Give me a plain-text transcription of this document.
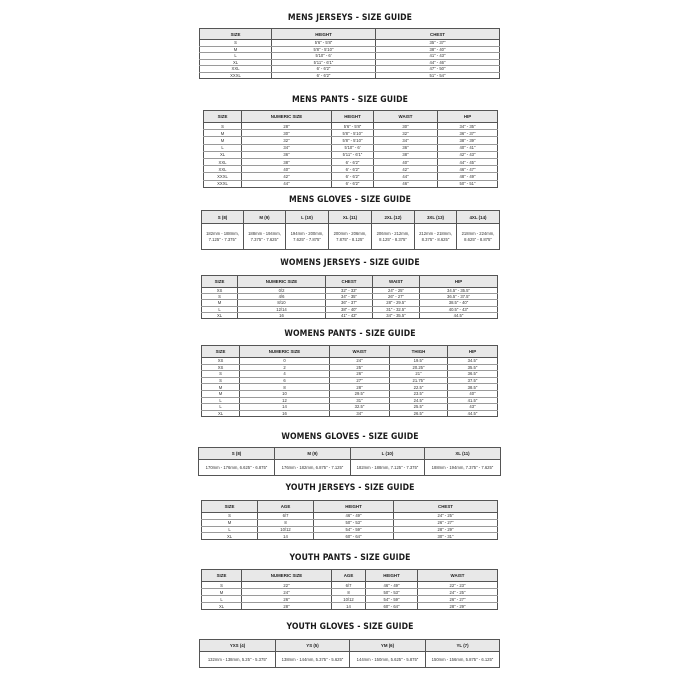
MENS JERSEYS - SIZE GUIDE
SIZE	HEIGHT	CHEST
S	5'6" - 5'8"	35" - 37"
M	5'8" - 5'10"	38" - 40"
L	5'10" - 6'	41" - 43"
XL	5'11" - 6'1"	44" - 46"
XXL	6' - 6'2"	47" - 50"
XXXL	6' - 6'2"	51" - 54"
MENS PANTS - SIZE GUIDE
SIZE	NUMERIC SIZE	HEIGHT	WAIST	HIP
S	28"	5'6" - 5'8"	30"	34" - 35"
M	30"	5'8" - 5'10"	32"	36" - 37"
M	32"	5'8" - 5'10"	34"	38" - 39"
L	34"	5'10" - 6'	36"	40" - 41"
XL	36"	5'11" - 6'1"	38"	42" - 43"
XXL	38"	6' - 6'2"	40"	44" - 45"
XXL	40"	6' - 6'2"	42"	46" - 47"
XXXL	42"	6' - 6'2"	44"	48" - 49"
XXXL	44"	6' - 6'2"	46"	50" - 51"
MENS GLOVES - SIZE GUIDE
S (8)	M (9)	L (10)	XL (11)	2XL (12)	3XL (13)	4XL (14)
182mm - 188mm, 7.125" - 7.375"	188mm - 194mm, 7.375" - 7.625"	194mm - 200mm, 7.625" - 7.875"	200mm - 206mm, 7.875" - 8.125"	206mm - 212mm, 8.125" - 8.375"	212mm - 218mm, 8.375" - 8.625"	218mm - 224mm, 8.625" - 8.875"
WOMENS JERSEYS - SIZE GUIDE
SIZE	NUMERIC SIZE	CHEST	WAIST	HIP
XS	0/2	32" - 33"	24" - 25"	34.5" - 35.5"
S	4/6	34" - 35"	26" - 27"	36.5" - 37.5"
M	8/10	36" - 37"	28" - 29.5"	38.5" - 40"
L	12/14	38" - 40"	31" - 32.5"	40.5" - 43"
XL	16	41" - 43"	34" - 35.5"	44.5"
WOMENS PANTS - SIZE GUIDE
SIZE	NUMERIC SIZE	WAIST	THIGH	HIP
XS	0	24"	19.5"	34.5"
XS	2	25"	20.25"	35.5"
S	4	26"	21"	36.5"
S	6	27"	21.75"	37.5"
M	8	28"	22.5"	38.5"
M	10	29.5"	23.5"	40"
L	12	31"	24.5"	41.5"
L	14	32.5"	25.5"	43"
XL	16	34"	26.5"	44.5"
WOMENS GLOVES - SIZE GUIDE
S (8)	M (9)	L (10)	XL (11)
170mm - 176mm, 6.625" - 6.875"	176mm - 182mm, 6.875" - 7.125"	182mm - 188mm, 7.125" - 7.375"	188mm - 194mm, 7.375" - 7.625"
YOUTH JERSEYS - SIZE GUIDE
SIZE	AGE	HEIGHT	CHEST
S	6/7	46" - 49"	24" - 25"
M	8	50" - 53"	26" - 27"
L	10/12	54" - 59"	28" - 29"
XL	14	60" - 64"	30" - 31"
YOUTH PANTS - SIZE GUIDE
SIZE	NUMERIC SIZE	AGE	HEIGHT	WAIST
S	22"	6/7	46" - 49"	22" - 23"
M	24"	8	50" - 53"	24" - 25"
L	26"	10/12	54" - 59"	26" - 27"
XL	28"	14	60" - 64"	28" - 29"
YOUTH GLOVES - SIZE GUIDE
YXS (4)	YS (5)	YM (6)	YL (7)
132mm - 138mm, 5.25" - 5.375"	138mm - 144mm, 5.375" - 5.625"	144mm - 150mm, 5.625" - 5.875"	150mm - 156mm, 5.875" - 6.125"
